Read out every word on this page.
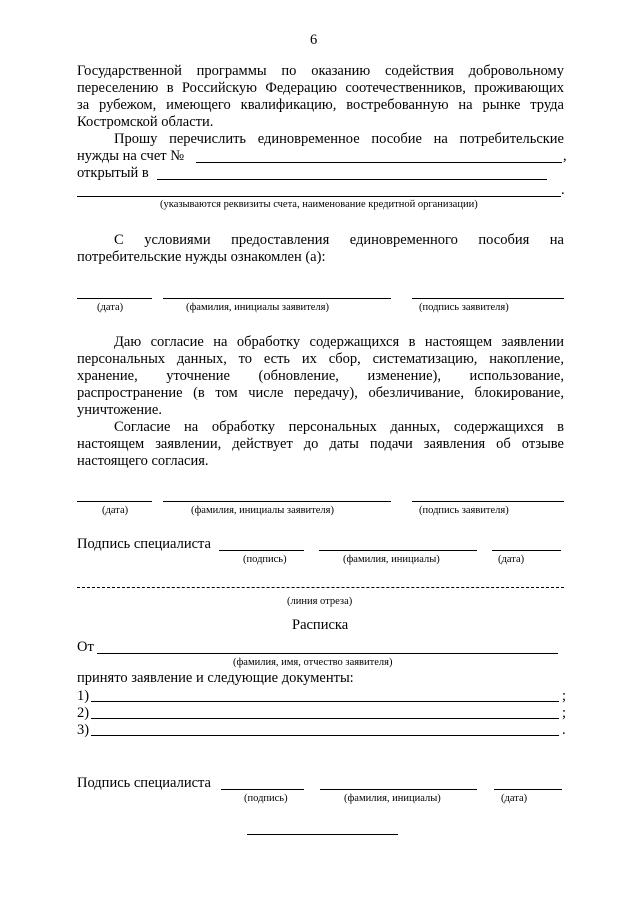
6
Государственной программы по оказанию содействия добровольному
переселению в Российскую Федерацию соотечественников, проживающих
за рубежом, имеющего квалификацию, востребованную на рынке труда
Костромской области.
Прошу перечислить единовременное пособие на потребительские
нужды на счет №	,
открытый в
.
(указываются реквизиты счета, наименование кредитной организации)
С условиями предоставления единовременного пособия на
потребительские нужды ознакомлен (а):
(дата)	(фамилия, инициалы заявителя)	(подпись заявителя)
Даю согласие на обработку содержащихся в настоящем заявлении
персональных данных, то есть их сбор, систематизацию, накопление,
хранение, уточнение (обновление, изменение), использование,
распространение (в том числе передачу), обезличивание, блокирование,
уничтожение.
Согласие на обработку персональных данных, содержащихся в
настоящем заявлении, действует до даты подачи заявления об отзыве
настоящего согласия.
(дата)	(фамилия, инициалы заявителя)	(подпись заявителя)
Подпись специалиста
(подпись)	(фамилия, инициалы)	(дата)
(линия отреза)
Расписка
От
(фамилия, имя, отчество заявителя)
принято заявление и следующие документы:
1)	;
2)	;
3)	.
Подпись специалиста
(подпись)	(фамилия, инициалы)	(дата)
